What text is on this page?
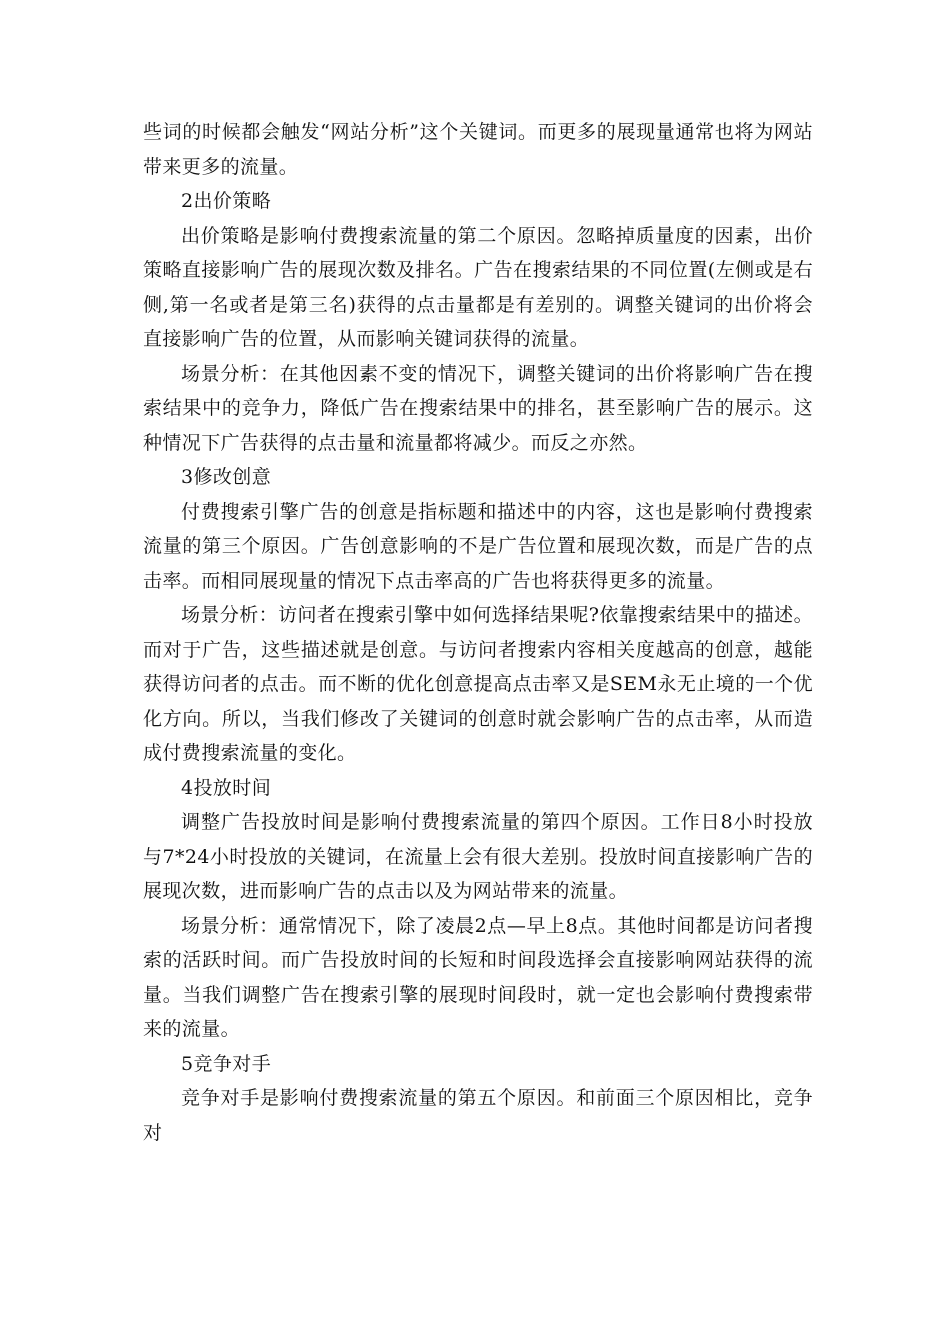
些词的时候都会触发“网站分析”这个关键词。而更多的展现量通常也将为网站带来更多的流量。

2出价策略

出价策略是影响付费搜索流量的第二个原因。忽略掉质量度的因素，出价策略直接影响广告的展现次数及排名。广告在搜索结果的不同位置(左侧或是右侧,第一名或者是第三名)获得的点击量都是有差别的。调整关键词的出价将会直接影响广告的位置，从而影响关键词获得的流量。

场景分析：在其他因素不变的情况下，调整关键词的出价将影响广告在搜索结果中的竞争力，降低广告在搜索结果中的排名，甚至影响广告的展示。这种情况下广告获得的点击量和流量都将减少。而反之亦然。

3修改创意

付费搜索引擎广告的创意是指标题和描述中的内容，这也是影响付费搜索流量的第三个原因。广告创意影响的不是广告位置和展现次数，而是广告的点击率。而相同展现量的情况下点击率高的广告也将获得更多的流量。

场景分析：访问者在搜索引擎中如何选择结果呢?依靠搜索结果中的描述。而对于广告，这些描述就是创意。与访问者搜索内容相关度越高的创意，越能获得访问者的点击。而不断的优化创意提高点击率又是SEM永无止境的一个优化方向。所以，当我们修改了关键词的创意时就会影响广告的点击率，从而造成付费搜索流量的变化。

4投放时间

调整广告投放时间是影响付费搜索流量的第四个原因。工作日8小时投放与7*24小时投放的关键词，在流量上会有很大差别。投放时间直接影响广告的展现次数，进而影响广告的点击以及为网站带来的流量。

场景分析：通常情况下，除了凌晨2点—早上8点。其他时间都是访问者搜索的活跃时间。而广告投放时间的长短和时间段选择会直接影响网站获得的流量。当我们调整广告在搜索引擎的展现时间段时，就一定也会影响付费搜索带来的流量。

5竞争对手

竞争对手是影响付费搜索流量的第五个原因。和前面三个原因相比，竞争对
